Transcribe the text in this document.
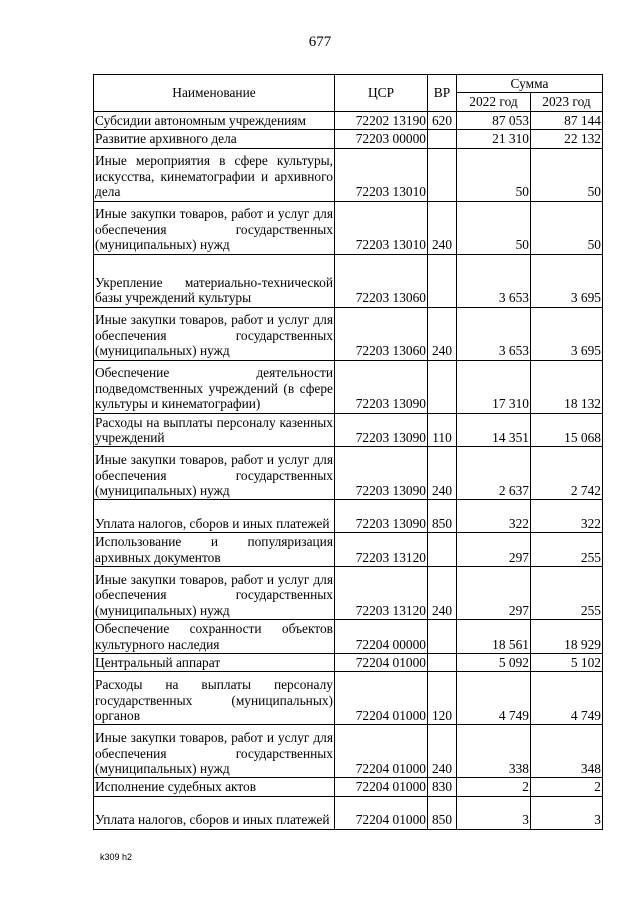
677
Наименование	ЦСР	ВР	Сумма	
			2022 год	2023 год
Субсидии автономным учреждениям	72202 13190	620	87 053	87 144
Развитие архивного дела	72203 00000		21 310	22 132
Иные мероприятия в сфере культуры, искусства, кинематографии и архивного дела	72203 13010		50	50
Иные закупки товаров, работ и услуг для обеспечения государственных (муниципальных) нужд	72203 13010	240	50	50
Укрепление материально-технической базы учреждений культуры	72203 13060		3 653	3 695
Иные закупки товаров, работ и услуг для обеспечения государственных (муниципальных) нужд	72203 13060	240	3 653	3 695
Обеспечение деятельности подведомственных учреждений (в сфере культуры и кинематографии)	72203 13090		17 310	18 132
Расходы на выплаты персоналу казенных учреждений	72203 13090	110	14 351	15 068
Иные закупки товаров, работ и услуг для обеспечения государственных (муниципальных) нужд	72203 13090	240	2 637	2 742
Уплата налогов, сборов и иных платежей	72203 13090	850	322	322
Использование и популяризация архивных документов	72203 13120		297	255
Иные закупки товаров, работ и услуг для обеспечения государственных (муниципальных) нужд	72203 13120	240	297	255
Обеспечение сохранности объектов культурного наследия	72204 00000		18 561	18 929
Центральный аппарат	72204 01000		5 092	5 102
Расходы на выплаты персоналу государственных (муниципальных) органов	72204 01000	120	4 749	4 749
Иные закупки товаров, работ и услуг для обеспечения государственных (муниципальных) нужд	72204 01000	240	338	348
Исполнение судебных актов	72204 01000	830	2	2
Уплата налогов, сборов и иных платежей	72204 01000	850	3	3
k309 h2
